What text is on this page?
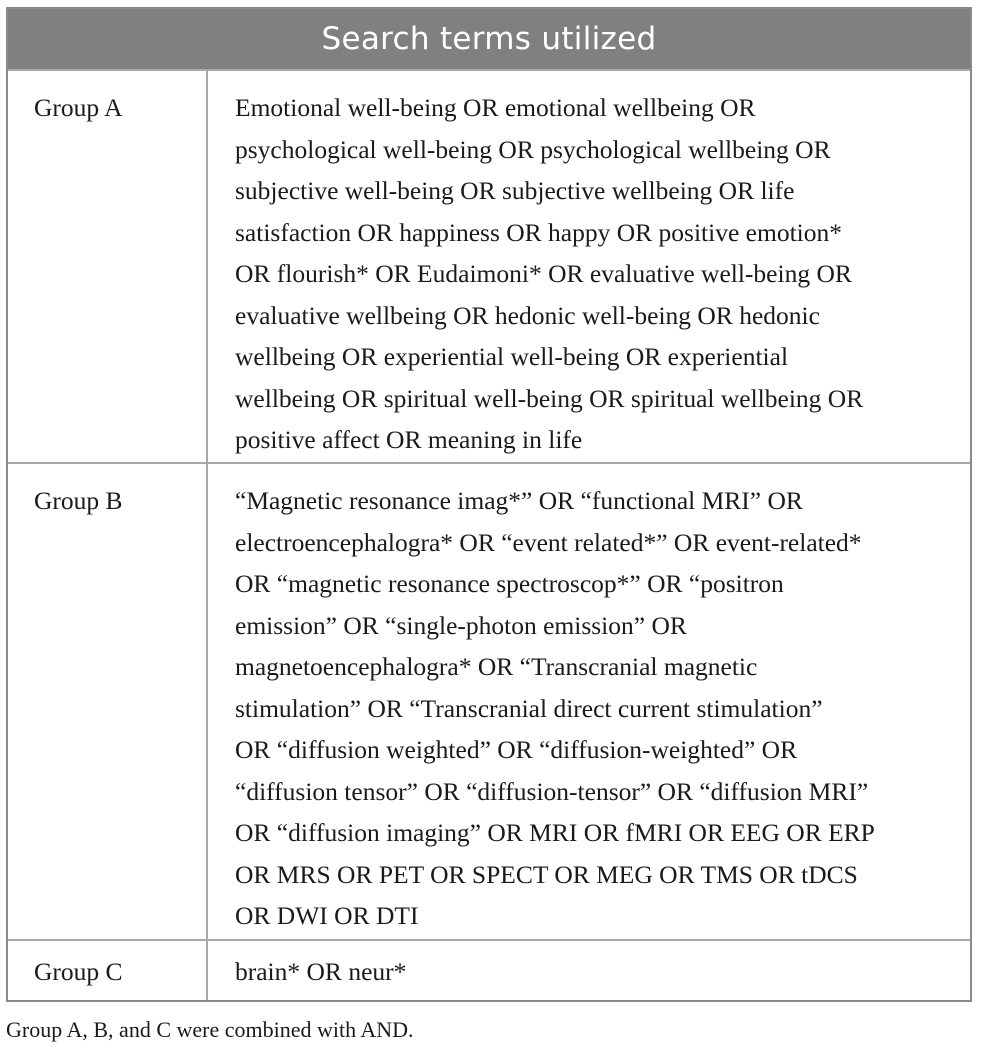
Search terms utilized
Group A	Emotional well-being OR emotional wellbeing OR
psychological well-being OR psychological wellbeing OR
subjective well-being OR subjective wellbeing OR life
satisfaction OR happiness OR happy OR positive emotion*
OR flourish* OR Eudaimoni* OR evaluative well-being OR
evaluative wellbeing OR hedonic well-being OR hedonic
wellbeing OR experiential well-being OR experiential
wellbeing OR spiritual well-being OR spiritual wellbeing OR
positive affect OR meaning in life
Group B	“Magnetic resonance imag*” OR “functional MRI” OR
electroencephalogra* OR “event related*” OR event-related*
OR “magnetic resonance spectroscop*” OR “positron
emission” OR “single-photon emission” OR
magnetoencephalogra* OR “Transcranial magnetic
stimulation” OR “Transcranial direct current stimulation”
OR “diffusion weighted” OR “diffusion-weighted” OR
“diffusion tensor” OR “diffusion-tensor” OR “diffusion MRI”
OR “diffusion imaging” OR MRI OR fMRI OR EEG OR ERP
OR MRS OR PET OR SPECT OR MEG OR TMS OR tDCS
OR DWI OR DTI
Group C	brain* OR neur*
Group A, B, and C were combined with AND.
